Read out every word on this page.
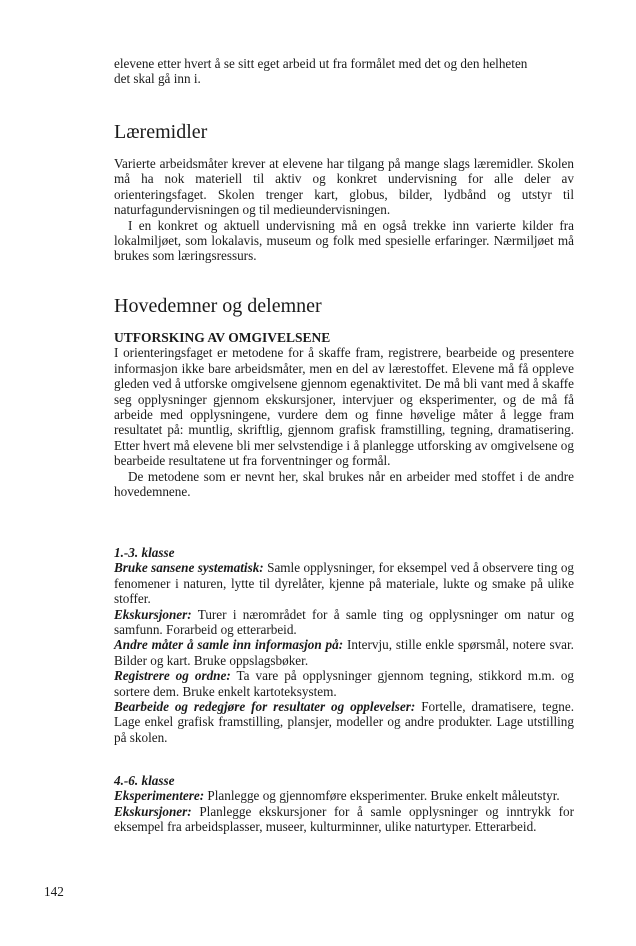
elevene etter hvert å se sitt eget arbeid ut fra formålet med det og den helheten

det skal gå inn i.

Læremidler

Varierte arbeidsmåter krever at elevene har tilgang på mange slags læremidler. Skolen må ha nok materiell til aktiv og konkret undervisning for alle deler av orienteringsfaget. Skolen trenger kart, globus, bilder, lydbånd og utstyr til naturfagundervisningen og til medieundervisningen.

I en konkret og aktuell undervisning må en også trekke inn varierte kilder fra lokalmiljøet, som lokalavis, museum og folk med spesielle erfaringer. Nærmiljøet må brukes som læringsressurs.

Hovedemner og delemner

UTFORSKING AV OMGIVELSENE

I orienteringsfaget er metodene for å skaffe fram, registrere, bearbeide og presentere informasjon ikke bare arbeidsmåter, men en del av lærestoffet. Elevene må få oppleve gleden ved å utforske omgivelsene gjennom egenaktivitet. De må bli vant med å skaffe seg opplysninger gjennom ekskursjoner, intervjuer og eksperimenter, og de må få arbeide med opplysningene, vurdere dem og finne høvelige måter å legge fram resultatet på: muntlig, skriftlig, gjennom grafisk framstilling, tegning, dramatisering. Etter hvert må elevene bli mer selvstendige i å planlegge utforsking av omgivelsene og bearbeide resultatene ut fra forventninger og formål.

De metodene som er nevnt her, skal brukes når en arbeider med stoffet i de andre hovedemnene.

1.-3. klasse

Bruke sansene systematisk: Samle opplysninger, for eksempel ved å observere ting og fenomener i naturen, lytte til dyrelåter, kjenne på materiale, lukte og smake på ulike stoffer.

Ekskursjoner: Turer i nærområdet for å samle ting og opplysninger om natur og samfunn. Forarbeid og etterarbeid.

Andre måter å samle inn informasjon på: Intervju, stille enkle spørsmål, notere svar. Bilder og kart. Bruke oppslagsbøker.

Registrere og ordne: Ta vare på opplysninger gjennom tegning, stikkord m.m. og sortere dem. Bruke enkelt kartoteksystem.

Bearbeide og redegjøre for resultater og opplevelser: Fortelle, dramatisere, tegne. Lage enkel grafisk framstilling, plansjer, modeller og andre produkter. Lage utstilling på skolen.

4.-6. klasse

Eksperimentere: Planlegge og gjennomføre eksperimenter. Bruke enkelt måleutstyr.

Ekskursjoner: Planlegge ekskursjoner for å samle opplysninger og inntrykk for eksempel fra arbeidsplasser, museer, kulturminner, ulike naturtyper. Etterarbeid.

142
